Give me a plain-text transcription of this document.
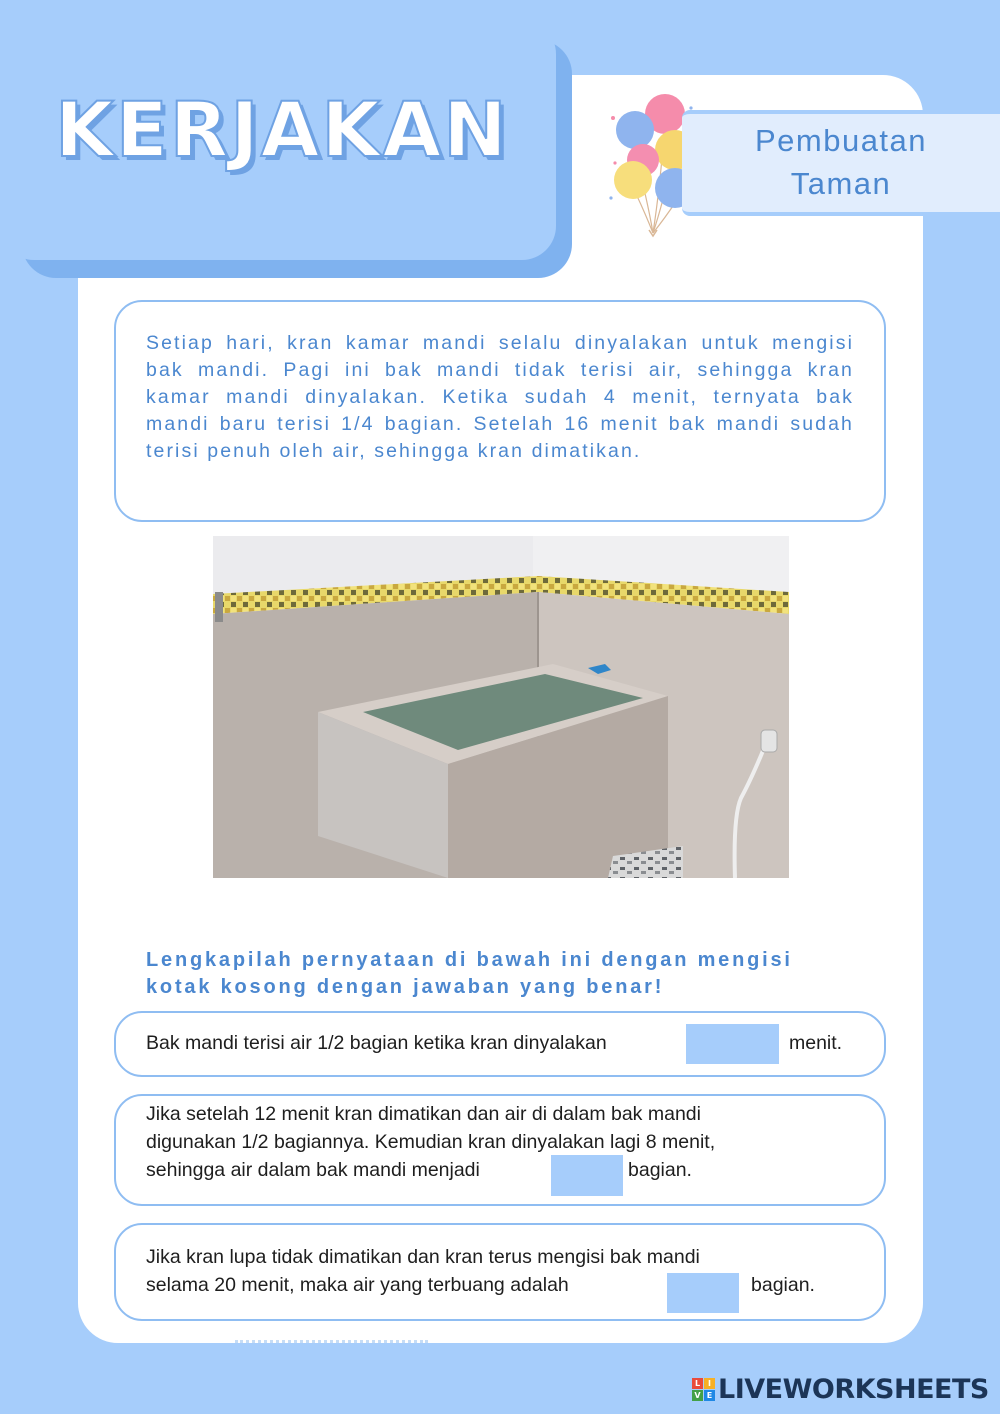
KERJAKAN	Pembuatan
Taman

Setiap hari, kran kamar mandi selalu dinyalakan untuk mengisi bak mandi. Pagi ini bak mandi tidak terisi air, sehingga kran kamar mandi dinyalakan. Ketika sudah 4 menit, ternyata bak mandi baru terisi 1/4 bagian. Setelah 16 menit bak mandi sudah terisi penuh oleh air, sehingga kran dimatikan.

Lengkapilah pernyataan di bawah ini dengan mengisi kotak kosong dengan jawaban yang benar!

Bak mandi terisi air 1/2 bagian ketika kran dinyalakan	menit.

Jika setelah 12 menit kran dimatikan dan air di dalam bak mandi

digunakan 1/2 bagiannya. Kemudian kran dinyalakan lagi 8 menit,

sehingga air dalam bak mandi menjadi	bagian.

Jika kran lupa tidak dimatikan dan kran terus mengisi bak mandi

selama 20 menit, maka air yang terbuang adalah	bagian.

L I
V E LIVEWORKSHEETS
